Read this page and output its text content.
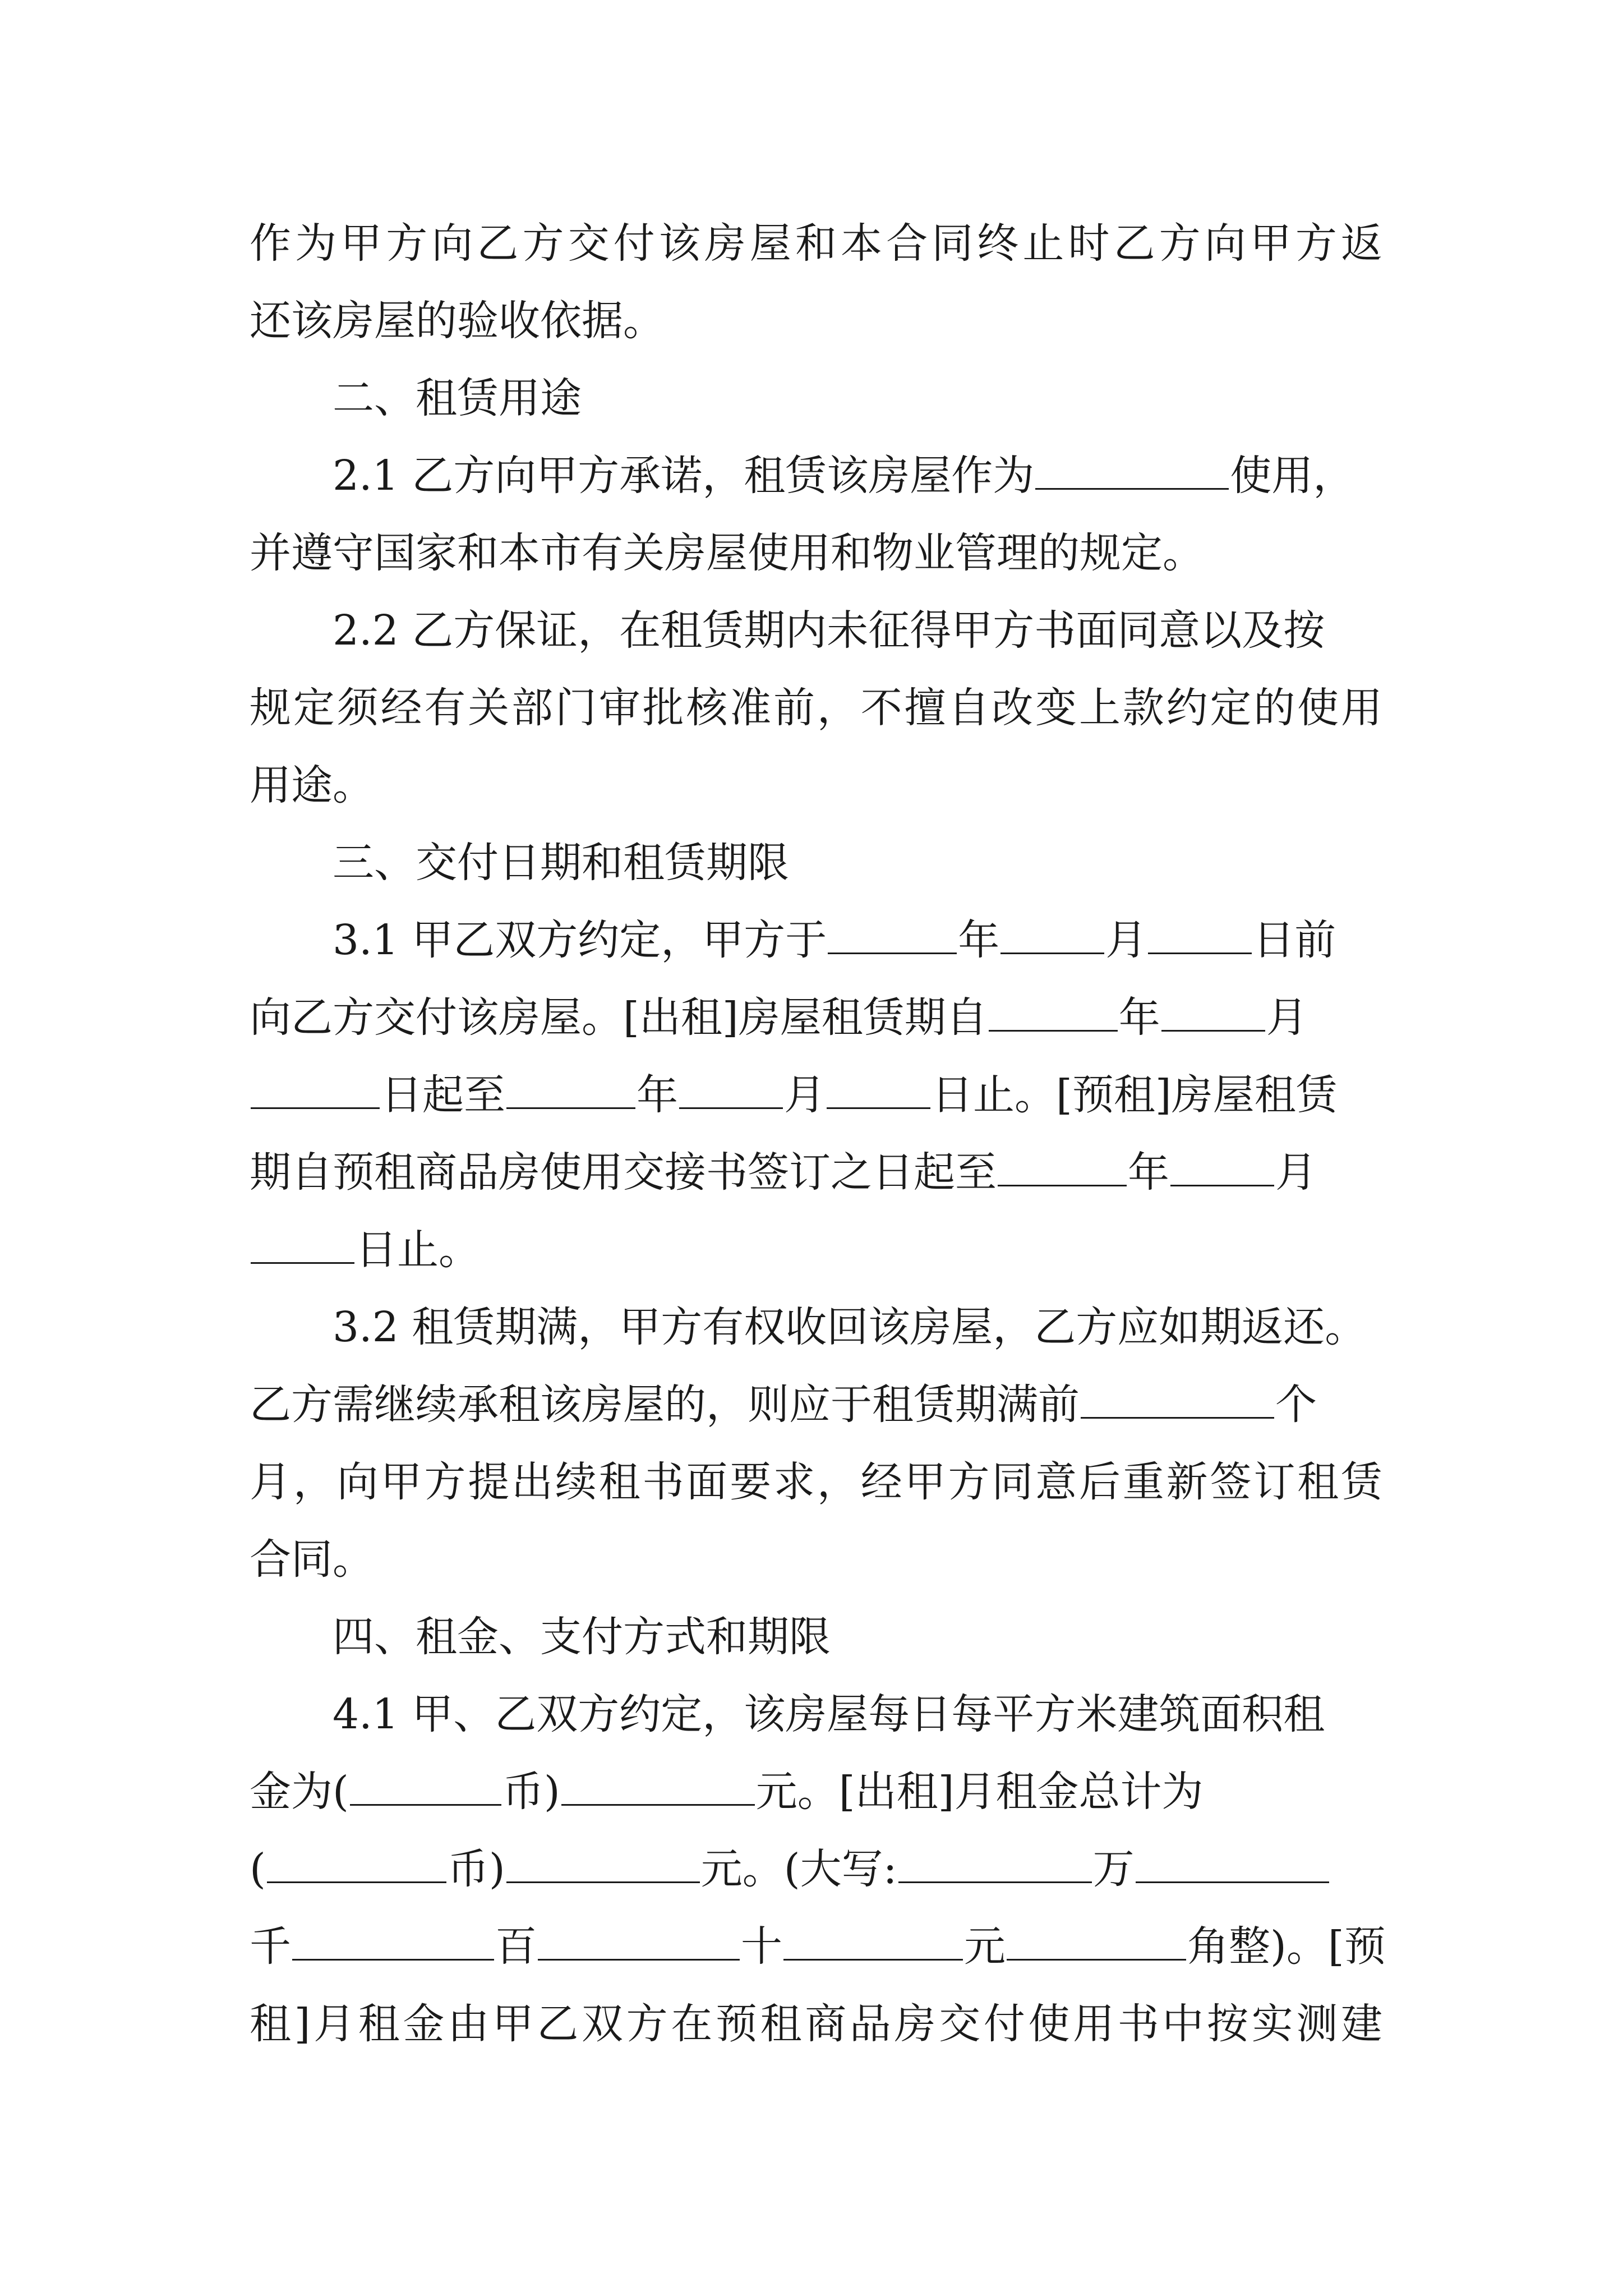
作为甲方向乙方交付该房屋和本合同终止时乙方向甲方返
还该房屋的验收依据。
二、租赁用途
2.1 乙方向甲方承诺，租赁该房屋作为	使用，
并遵守国家和本市有关房屋使用和物业管理的规定。
2.2 乙方保证，在租赁期内未征得甲方书面同意以及按
规定须经有关部门审批核准前，不擅自改变上款约定的使用
用途。
三、交付日期和租赁期限
3.1 甲乙双方约定，甲方于	年	月	日前
向乙方交付该房屋。[出租]房屋租赁期自	年	月
日起至	年	月	日止。[预租]房屋租赁
期自预租商品房使用交接书签订之日起至	年	月
日止。
3.2 租赁期满，甲方有权收回该房屋，乙方应如期返还。
乙方需继续承租该房屋的，则应于租赁期满前	个
月，向甲方提出续租书面要求，经甲方同意后重新签订租赁
合同。
四、租金、支付方式和期限
4.1 甲、乙双方约定，该房屋每日每平方米建筑面积租
金为(	币)	元。[出租]月租金总计为
(	币)	元。(大写:	万
千	百	十	元	角整)。[预
租]月租金由甲乙双方在预租商品房交付使用书中按实测建
